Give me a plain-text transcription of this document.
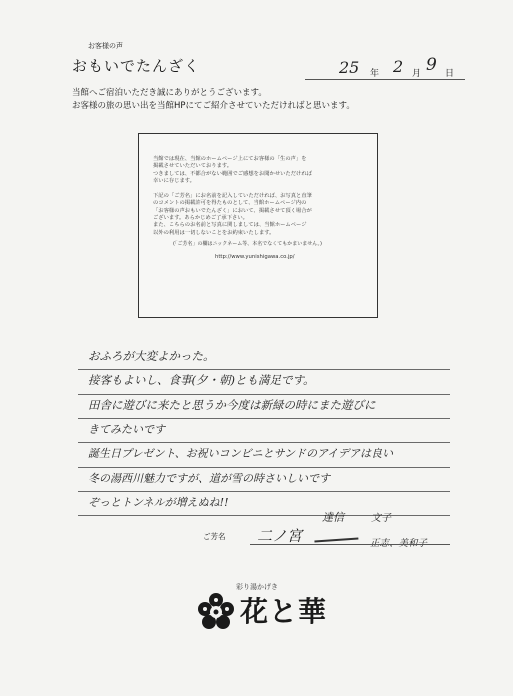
お客様の声
おもいでたんざく	25 年 2 月 9 日
当館へご宿泊いただき誠にありがとうございます。
お客様の旅の思い出を当館HPにてご紹介させていただければと思います。

当館では現在、当館のホームページ上にてお客様の「生の声」を

掲載させていただいております。

つきましては、不都合がない範囲でご感想をお聞かせいただければ

幸いに存じます。

下記の「ご芳名」にお名前を記入していただければ、お写真と直筆

のコメントの掲載許可を得たものとして、当館ホームページ内の

「お客様の声おもいでたんざく」において、掲載させて頂く場合が

ございます。あらかじめご了承下さい。

また、こちらのお名前と写真に関しましては、当館ホームページ

以外の利用は一切しないことをお約束いたします。

(「ご芳名」の欄はニックネーム等、本名でなくてもかまいません。)

http://www.yunishigawa.co.jp/

おふろが大変よかった。
接客もよいし、食事(夕・朝)とも満足です。
田舎に遊びに来たと思うか今度は新緑の時にまた遊びに
きてみたいです
誕生日プレゼント、お祝いコンビニとサンドのアイデアは良い
冬の湯西川魅力ですが、道が雪の時さいしいです
ぞっとトンネルが増えぬね!!
ご芳名 二ノ宮
達信	文子
正志、美和子
彩り湯かげき
花と華
